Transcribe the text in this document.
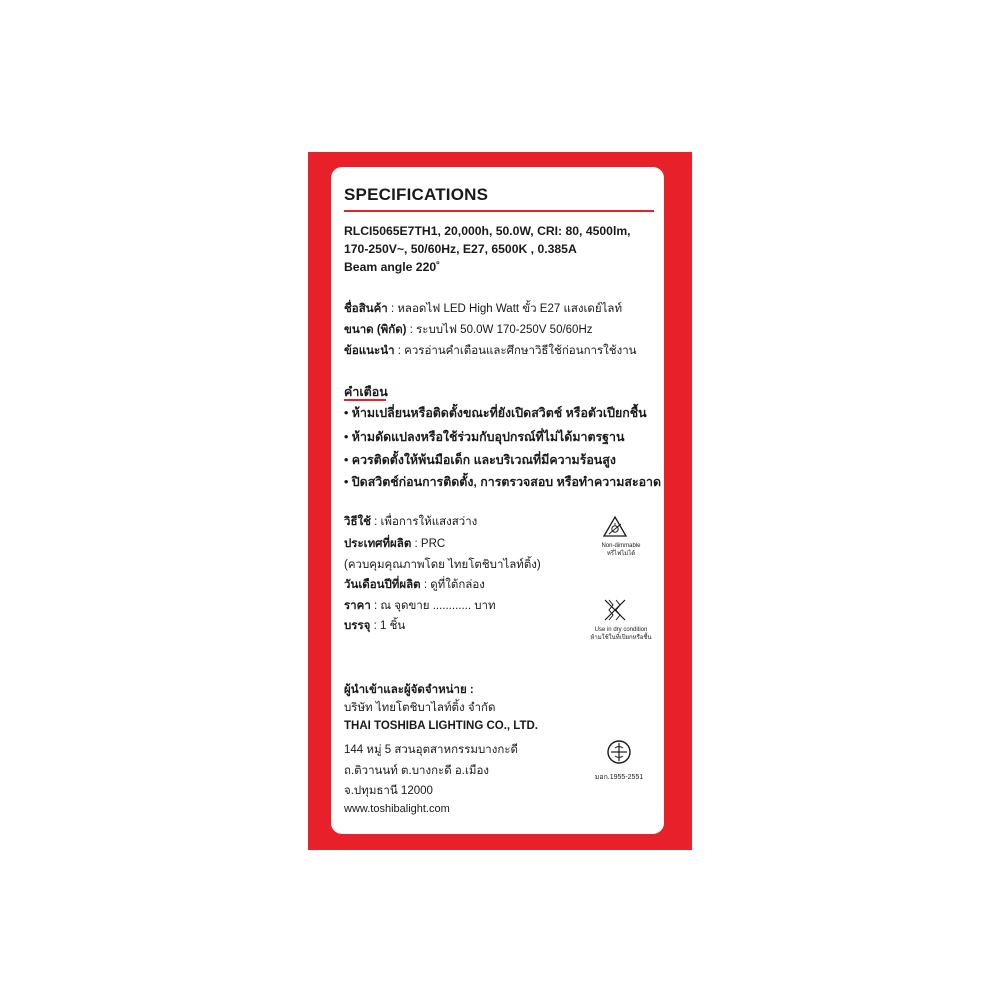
SPECIFICATIONS
RLCI5065E7TH1, 20,000h, 50.0W, CRI: 80, 4500lm,
170-250V~, 50/60Hz, E27, 6500K , 0.385A
Beam angle 220˚
ชื่อสินค้า : หลอดไฟ LED High Watt ขั้ว E27 แสงเดย์ไลท์
ขนาด (พิกัด) : ระบบไฟ 50.0W 170-250V 50/60Hz
ข้อแนะนำ : ควรอ่านคำเตือนและศึกษาวิธีใช้ก่อนการใช้งาน
คำเตือน
• ห้ามเปลี่ยนหรือติดตั้งขณะที่ยังเปิดสวิตช์ หรือตัวเปียกชื้น
• ห้ามดัดแปลงหรือใช้ร่วมกับอุปกรณ์ที่ไม่ได้มาตรฐาน
• ควรติดตั้งให้พ้นมือเด็ก และบริเวณที่มีความร้อนสูง
• ปิดสวิตช์ก่อนการติดตั้ง, การตรวจสอบ หรือทำความสะอาด
วิธีใช้ : เพื่อการให้แสงสว่าง
ประเทศที่ผลิต : PRC
(ควบคุมคุณภาพโดย ไทยโตชิบาไลท์ติ้ง)
วันเดือนปีที่ผลิต : ดูที่ใต้กล่อง
ราคา : ณ จุดขาย ............ บาท
บรรจุ : 1 ชิ้น
Non-dimmable
หรี่ไฟไม่ได้
Use in dry condition
ห้ามใช้ในที่เปียกหรือชื้น
ผู้นำเข้าและผู้จัดจำหน่าย :
บริษัท ไทยโตชิบาไลท์ติ้ง จำกัด
THAI TOSHIBA LIGHTING CO., LTD.
144 หมู่ 5 สวนอุตสาหกรรมบางกะดี
ถ.ติวานนท์ ต.บางกะดี อ.เมือง
จ.ปทุมธานี 12000
www.toshibalight.com
มอก.1955-2551
